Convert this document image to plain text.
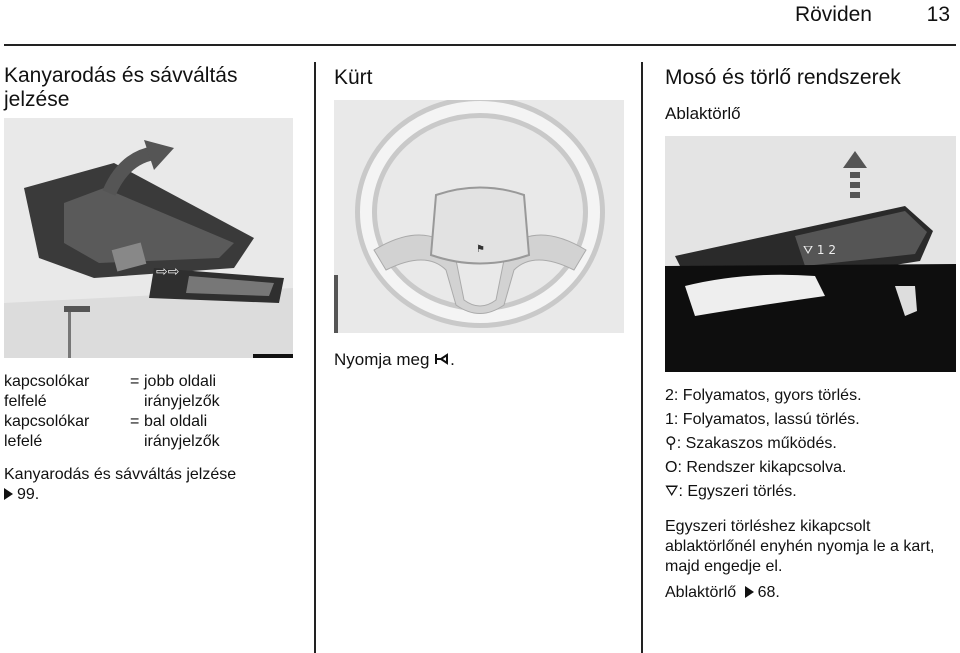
Röviden	13
Kanyarodás és sávváltás jelzése
⇨⇨
kapcsolókar felfelé
= jobb oldali irányjelzők
kapcsolókar lefelé
= bal oldali irányjelzők
Kanyarodás és sávváltás jelzése
99.
Kürt
⚑
Nyomja meg .
Mosó és törlő rendszerek
Ablaktörlő
⛛ 1 2
2: Folyamatos, gyors törlés.
1: Folyamatos, lassú törlés.
⚲: Szakaszos működés.
O: Rendszer kikapcsolva.
⛛: Egyszeri törlés.
Egyszeri törléshez kikapcsolt ablaktörlőnél enyhén nyomja le a kart, majd engedje el.
Ablaktörlő 68.
